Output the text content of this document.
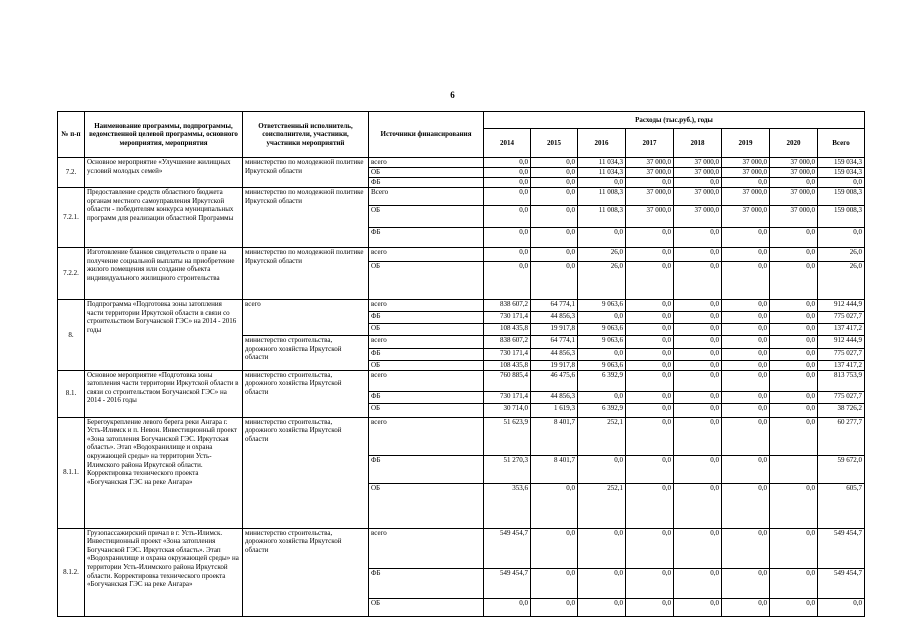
6
№ п-п	Наименование программы, подпрограммы, ведомственной целевой программы, основного мероприятия, мероприятия	Ответственный исполнитель, соисполнители, участники, участники мероприятий	Источники финансирования	Расходы (тыс.руб.), годы							
				2014	2015	2016	2017	2018	2019	2020	Всего
7.2.	Основное мероприятие «Улучшение жилищных условий молодых семей»	министерство по молодежной политике Иркутской области	всего	0,0	0,0	11 034,3	37 000,0	37 000,0	37 000,0	37 000,0	159 034,3
			ОБ	0,0	0,0	11 034,3	37 000,0	37 000,0	37 000,0	37 000,0	159 034,3
			ФБ	0,0	0,0	0,0	0,0	0,0	0,0	0,0	0,0
7.2.1.	Предоставление средств областного бюджета органам местного самоуправления Иркутской области - победителям конкурса муниципальных программ для реализации областной Программы	министерство по молодежной политике Иркутской области	Всего	0,0	0,0	11 008,3	37 000,0	37 000,0	37 000,0	37 000,0	159 008,3
			ОБ	0,0	0,0	11 008,3	37 000,0	37 000,0	37 000,0	37 000,0	159 008,3
			ФБ	0,0	0,0	0,0	0,0	0,0	0,0	0,0	0,0
7.2.2.	Изготовление бланков свидетельств о праве на получение социальной выплаты на приобретение жилого помещения или создание объекта индивидуального жилищного строительства	министерство по молодежной политике Иркутской области	всего	0,0	0,0	26,0	0,0	0,0	0,0	0,0	26,0
			ОБ	0,0	0,0	26,0	0,0	0,0	0,0	0,0	26,0
8.	Подпрограмма «Подготовка зоны затопления части территории Иркутской области в связи со строительством Богучанской ГЭС» на 2014 - 2016 годы	всего	всего	838 607,2	64 774,1	9 063,6	0,0	0,0	0,0	0,0	912 444,9
			ФБ	730 171,4	44 856,3	0,0	0,0	0,0	0,0	0,0	775 027,7
			ОБ	108 435,8	19 917,8	9 063,6	0,0	0,0	0,0	0,0	137 417,2
		министерство строительства, дорожного хозяйства Иркутской области	всего	838 607,2	64 774,1	9 063,6	0,0	0,0	0,0	0,0	912 444,9
			ФБ	730 171,4	44 856,3	0,0	0,0	0,0	0,0	0,0	775 027,7
			ОБ	108 435,8	19 917,8	9 063,6	0,0	0,0	0,0	0,0	137 417,2
8.1.	Основное мероприятие «Подготовка зоны затопления части территории Иркутской области в связи со строительством Богучанской ГЭС» на 2014 - 2016 годы	министерство строительства, дорожного хозяйства Иркутской области	всего	760 885,4	46 475,6	6 392,9	0,0	0,0	0,0	0,0	813 753,9
			ФБ	730 171,4	44 856,3	0,0	0,0	0,0	0,0	0,0	775 027,7
			ОБ	30 714,0	1 619,3	6 392,9	0,0	0,0	0,0	0,0	38 726,2
8.1.1.	Берегоукрепление левого берега реки Ангара г. Усть-Илимск и п. Невон. Инвестиционный проект «Зона затопления Богучанской ГЭС. Иркутская область». Этап «Водохранилище и охрана окружающей среды» на территории Усть-Илимского района Иркутской области. Корректировка технического проекта «Богучанская ГЭС на реке Ангара»	министерство строительства, дорожного хозяйства Иркутской области	всего	51 623,9	8 401,7	252,1	0,0	0,0	0,0	0,0	60 277,7
			ФБ	51 270,3	8 401,7	0,0	0,0	0,0	0,0		59 672,0
			ОБ	353,6	0,0	252,1	0,0	0,0	0,0	0,0	605,7
8.1.2.	Грузопассажирский причал в г. Усть-Илимск. Инвестиционный проект «Зона затопления Богучанской ГЭС. Иркутская область». Этап «Водохранилище и охрана окружающей среды» на территории Усть-Илимского района Иркутской области. Корректировка технического проекта «Богучанская ГЭС на реке Ангара»	министерство строительства, дорожного хозяйства Иркутской области	всего	549 454,7	0,0	0,0	0,0	0,0	0,0	0,0	549 454,7
			ФБ	549 454,7	0,0	0,0	0,0	0,0	0,0	0,0	549 454,7
			ОБ	0,0	0,0	0,0	0,0	0,0	0,0	0,0	0,0
